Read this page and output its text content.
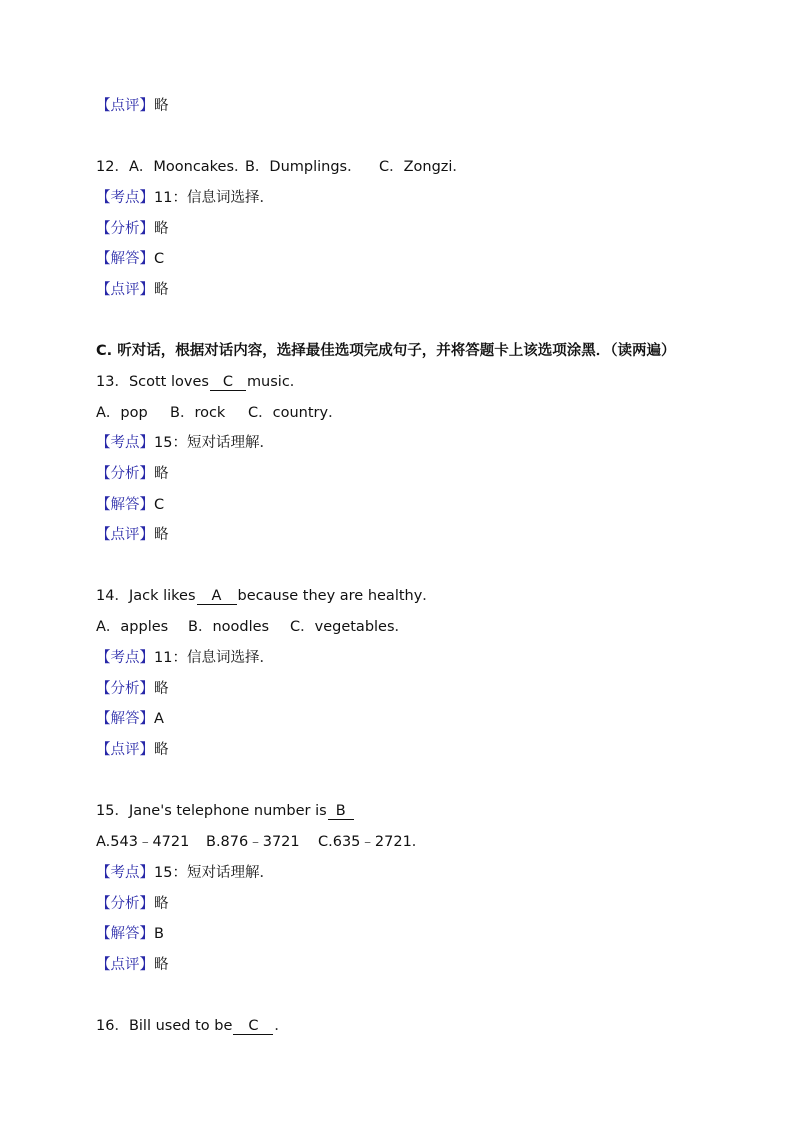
【点评】略
12．A．Mooncakes．B．Dumplings． C．Zongzi．
【考点】11：信息词选择．
【分析】略
【解答】C
【点评】略
C. 听对话，根据对话内容，选择最佳选项完成句子，并将答题卡上该选项涂黑．（读两遍）
13．Scott loves C music．
A．pop B．rock C．country．
【考点】15：短对话理解．
【分析】略
【解答】C
【点评】略
14．Jack likes A because they are healthy．
A．apples B．noodles C．vegetables．
【考点】11：信息词选择．
【分析】略
【解答】A
【点评】略
15．Jane's telephone number is B
A.543﹣4721 B.876﹣3721 C.635﹣2721．
【考点】15：短对话理解．
【分析】略
【解答】B
【点评】略
16．Bill used to be C ．
